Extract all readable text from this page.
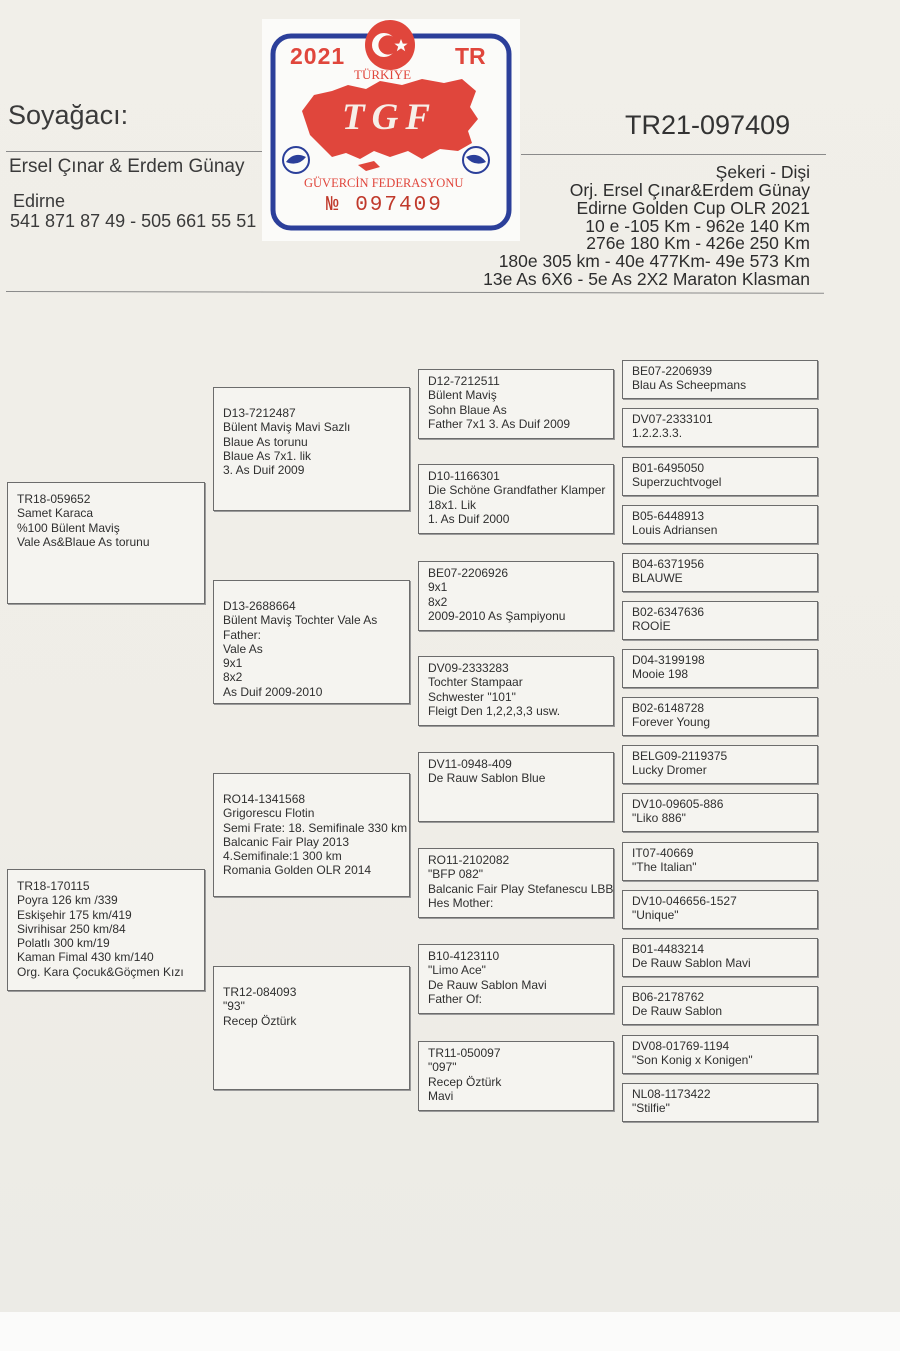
Soyağacı:

Ersel Çınar & Erdem Günay

Edirne

541 871 87 49 - 505 661 55 51

TR21-097409

Şekeri - Dişi
Orj. Ersel Çınar&Erdem Günay
Edirne Golden Cup OLR 2021
10 e -105 Km - 962e 140 Km
276e 180 Km - 426e 250 Km
180e 305 km - 40e 477Km- 49e 573 Km
13e As 6X6 - 5e As 2X2 Maraton Klasman
2021	TR
TÜRKİYE
TGF
GÜVERCİN FEDERASYONU
№ 097409
TR18-059652
Samet Karaca
%100 Bülent Maviş
Vale As&Blaue As torunu
TR18-170115
Poyra 126 km /339
Eskişehir 175 km/419
Sivrihisar 250 km/84
Polatlı 300 km/19
Kaman Fimal 430 km/140
Org. Kara Çocuk&Göçmen Kızı
D13-7212487
Bülent Maviş Mavi Sazlı
Blaue As torunu
Blaue As 7x1. lik
3. As Duif 2009
D13-2688664
Bülent Maviş Tochter Vale As
Father:
Vale As
9x1
8x2
As Duif 2009-2010
RO14-1341568
Grigorescu Flotin
Semi Frate: 18. Semifinale 330 km
Balcanic Fair Play 2013
4.Semifinale:1 300 km
Romania Golden OLR 2014
TR12-084093
"93"
Recep Öztürk
D12-7212511
Bülent Maviş
Sohn Blaue As
Father 7x1 3. As Duif 2009
D10-1166301
Die Schöne Grandfather Klamper
18x1. Lik
1. As Duif 2000
BE07-2206926
9x1
8x2
2009-2010 As Şampiyonu
DV09-2333283
Tochter Stampaar
Schwester "101"
Fleigt Den 1,2,2,3,3 usw.
DV11-0948-409
De Rauw Sablon Blue
RO11-2102082
"BFP 082"
Balcanic Fair Play Stefanescu LBB
Hes Mother:
B10-4123110
"Limo Ace"
De Rauw Sablon Mavi
Father Of:
TR11-050097
"097"
Recep Öztürk
Mavi
BE07-2206939
Blau As Scheepmans
DV07-2333101
1.2.2.3.3.
B01-6495050
Superzuchtvogel
B05-6448913
Louis Adriansen
B04-6371956
BLAUWE
B02-6347636
ROOİE
D04-3199198
Mooie 198
B02-6148728
Forever Young
BELG09-2119375
Lucky Dromer
DV10-09605-886
"Liko 886"
IT07-40669
"The Italian"
DV10-046656-1527
"Unique"
B01-4483214
De Rauw Sablon Mavi
B06-2178762
De Rauw Sablon
DV08-01769-1194
"Son Konig x Konigen"
NL08-1173422
"Stilfie"
